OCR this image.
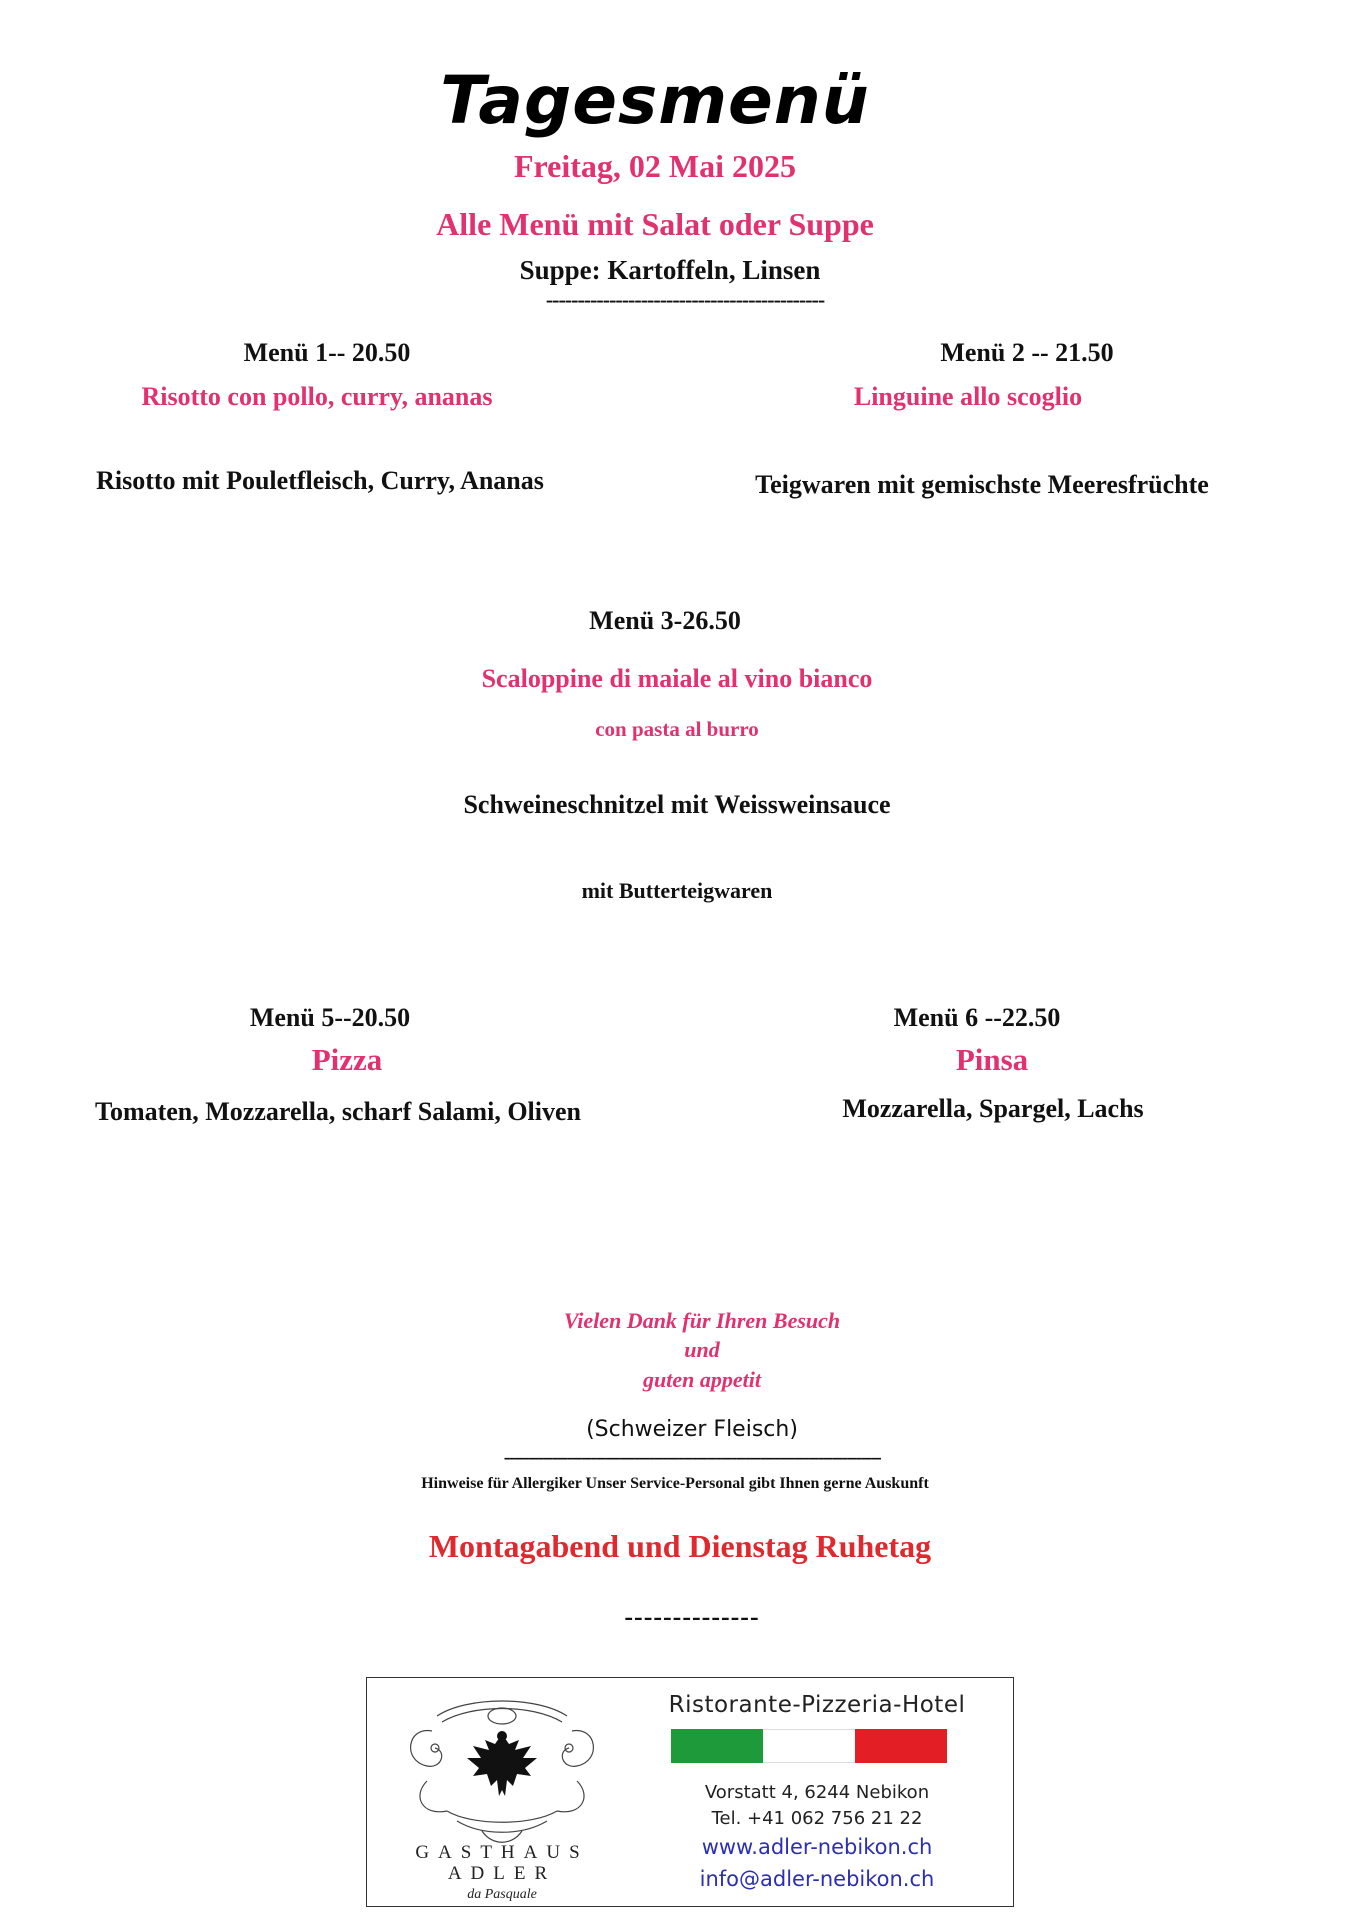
Tagesmenü
Freitag, 02 Mai 2025
Alle Menü mit Salat oder Suppe
Suppe: Kartoffeln, Linsen
--------------------------------------------
Menü 1-- 20.50
Risotto con pollo, curry, ananas
Risotto mit Pouletfleisch, Curry, Ananas
Menü 2 -- 21.50
Linguine allo scoglio
Teigwaren mit gemischste Meeresfrüchte
Menü 3-26.50
Scaloppine di maiale al vino bianco
con pasta al burro
Schweineschnitzel mit Weissweinsauce
mit Butterteigwaren
Menü 5--20.50
Pizza
Tomaten, Mozzarella, scharf Salami, Oliven
Menü 6 --22.50
Pinsa
Mozzarella, Spargel, Lachs
Vielen Dank für Ihren Besuch
und
guten appetit
(Schweizer Fleisch)
------------------------------------------------------------------------------
Hinweise für Allergiker Unser Service-Personal gibt Ihnen gerne Auskunft
Montagabend und Dienstag Ruhetag
--------------
GASTHAUS
ADLER
da Pasquale
Ristorante-Pizzeria-Hotel
Vorstatt 4, 6244 Nebikon
Tel. +41 062 756 21 22
www.adler-nebikon.ch
info@adler-nebikon.ch
